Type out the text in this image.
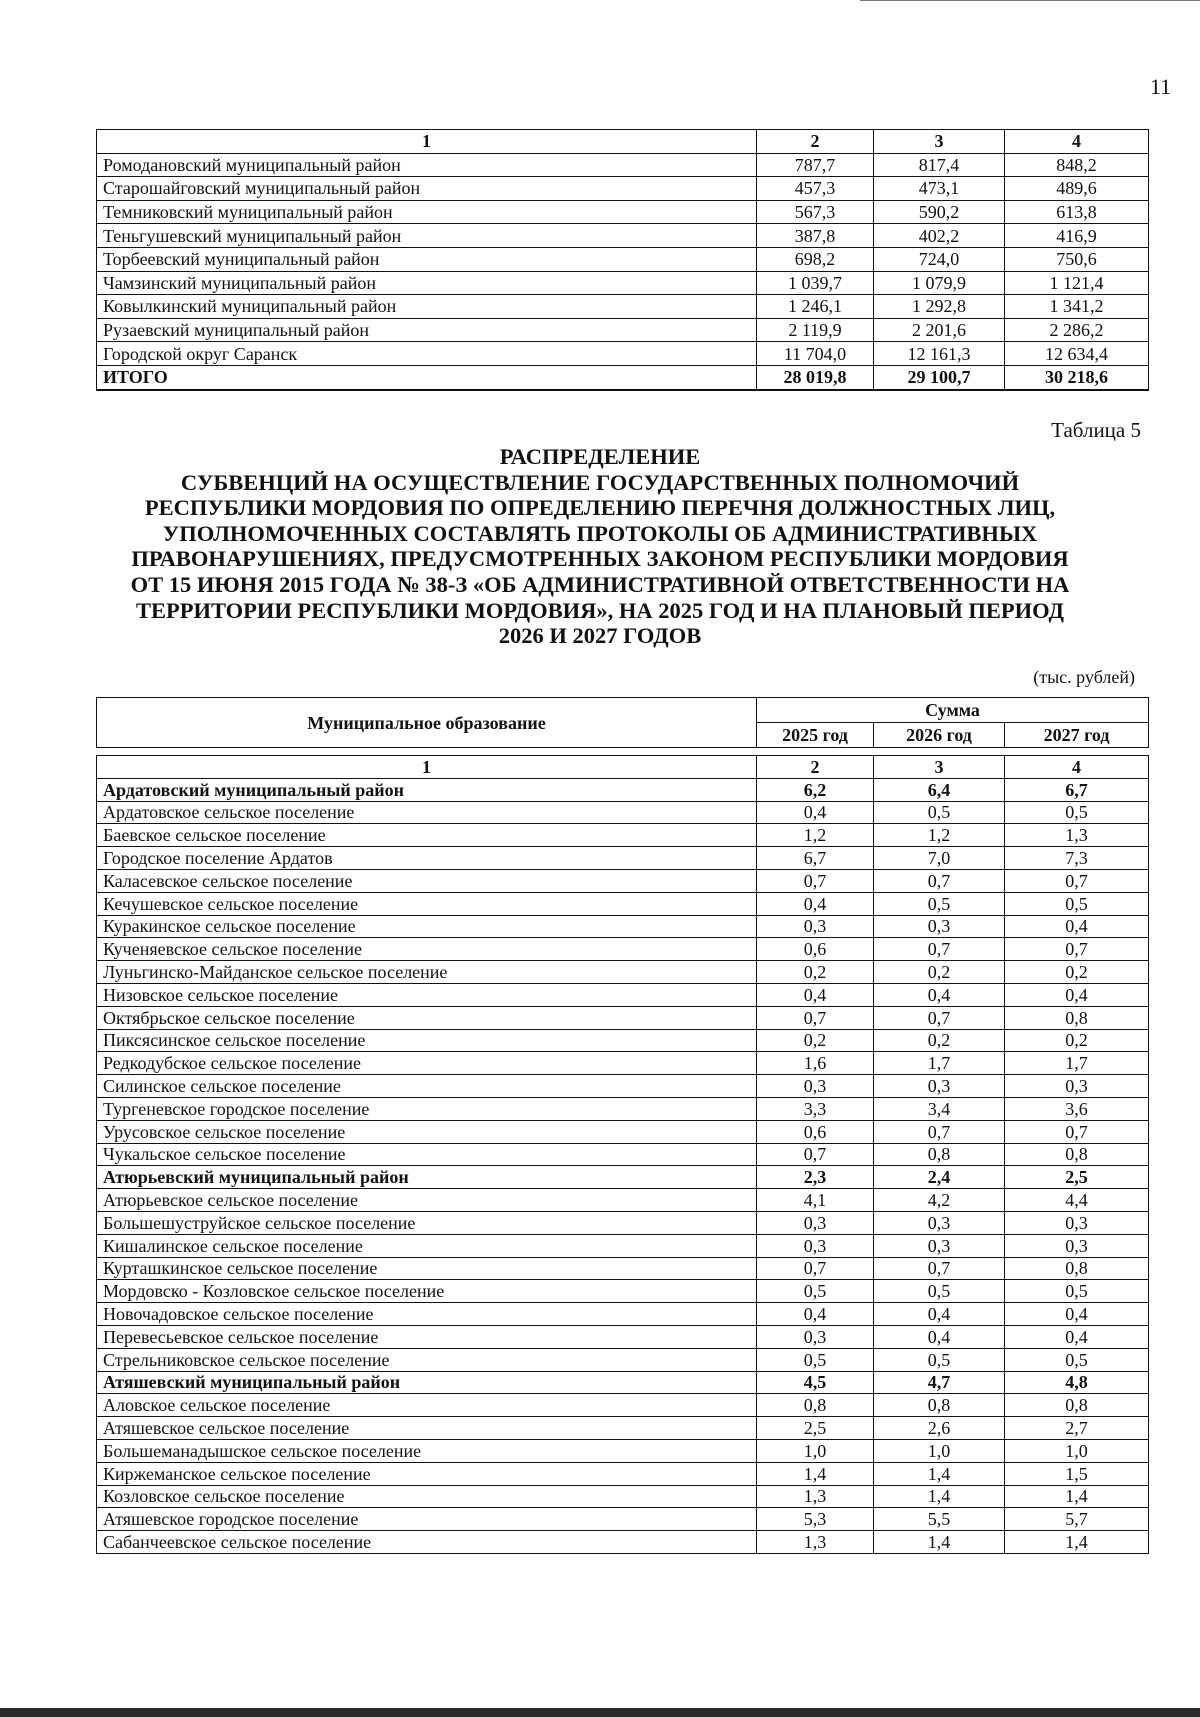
11
1	2	3	4
Ромодановский муниципальный район	787,7	817,4	848,2
Старошайговский муниципальный район	457,3	473,1	489,6
Темниковский муниципальный район	567,3	590,2	613,8
Теньгушевский муниципальный район	387,8	402,2	416,9
Торбеевский муниципальный район	698,2	724,0	750,6
Чамзинский муниципальный район	1 039,7	1 079,9	1 121,4
Ковылкинский муниципальный район	1 246,1	1 292,8	1 341,2
Рузаевский муниципальный район	2 119,9	2 201,6	2 286,2
Городской округ Саранск	11 704,0	12 161,3	12 634,4
ИТОГО	28 019,8	29 100,7	30 218,6
Таблица 5
РАСПРЕДЕЛЕНИЕ
СУБВЕНЦИЙ НА ОСУЩЕСТВЛЕНИЕ ГОСУДАРСТВЕННЫХ ПОЛНОМОЧИЙ
РЕСПУБЛИКИ МОРДОВИЯ ПО ОПРЕДЕЛЕНИЮ ПЕРЕЧНЯ ДОЛЖНОСТНЫХ ЛИЦ,
УПОЛНОМОЧЕННЫХ СОСТАВЛЯТЬ ПРОТОКОЛЫ ОБ АДМИНИСТРАТИВНЫХ
ПРАВОНАРУШЕНИЯХ, ПРЕДУСМОТРЕННЫХ ЗАКОНОМ РЕСПУБЛИКИ МОРДОВИЯ
ОТ 15 ИЮНЯ 2015 ГОДА № 38-З «ОБ АДМИНИСТРАТИВНОЙ ОТВЕТСТВЕННОСТИ НА
ТЕРРИТОРИИ РЕСПУБЛИКИ МОРДОВИЯ», НА 2025 ГОД И НА ПЛАНОВЫЙ ПЕРИОД
2026 И 2027 ГОДОВ
(тыс. рублей)
Муниципальное образование	Сумма		
	2025 год	2026 год	2027 год
1	2	3	4
Ардатовский муниципальный район	6,2	6,4	6,7
Ардатовское сельское поселение	0,4	0,5	0,5
Баевское сельское поселение	1,2	1,2	1,3
Городское поселение Ардатов	6,7	7,0	7,3
Каласевское сельское поселение	0,7	0,7	0,7
Кечушевское сельское поселение	0,4	0,5	0,5
Куракинское сельское поселение	0,3	0,3	0,4
Кученяевское сельское поселение	0,6	0,7	0,7
Луньгинско-Майданское сельское поселение	0,2	0,2	0,2
Низовское сельское поселение	0,4	0,4	0,4
Октябрьское сельское поселение	0,7	0,7	0,8
Пиксясинское сельское поселение	0,2	0,2	0,2
Редкодубское сельское поселение	1,6	1,7	1,7
Силинское сельское поселение	0,3	0,3	0,3
Тургеневское городское поселение	3,3	3,4	3,6
Урусовское сельское поселение	0,6	0,7	0,7
Чукальское сельское поселение	0,7	0,8	0,8
Атюрьевский муниципальный район	2,3	2,4	2,5
Атюрьевское сельское поселение	4,1	4,2	4,4
Большешуструйское сельское поселение	0,3	0,3	0,3
Кишалинское сельское поселение	0,3	0,3	0,3
Курташкинское сельское поселение	0,7	0,7	0,8
Мордовско - Козловское сельское поселение	0,5	0,5	0,5
Новочадовское сельское поселение	0,4	0,4	0,4
Перевесьевское сельское поселение	0,3	0,4	0,4
Стрельниковское сельское поселение	0,5	0,5	0,5
Атяшевский муниципальный район	4,5	4,7	4,8
Аловское сельское поселение	0,8	0,8	0,8
Атяшевское сельское поселение	2,5	2,6	2,7
Большеманадышское сельское поселение	1,0	1,0	1,0
Киржеманское сельское поселение	1,4	1,4	1,5
Козловское сельское поселение	1,3	1,4	1,4
Атяшевское городское поселение	5,3	5,5	5,7
Сабанчеевское сельское поселение	1,3	1,4	1,4
